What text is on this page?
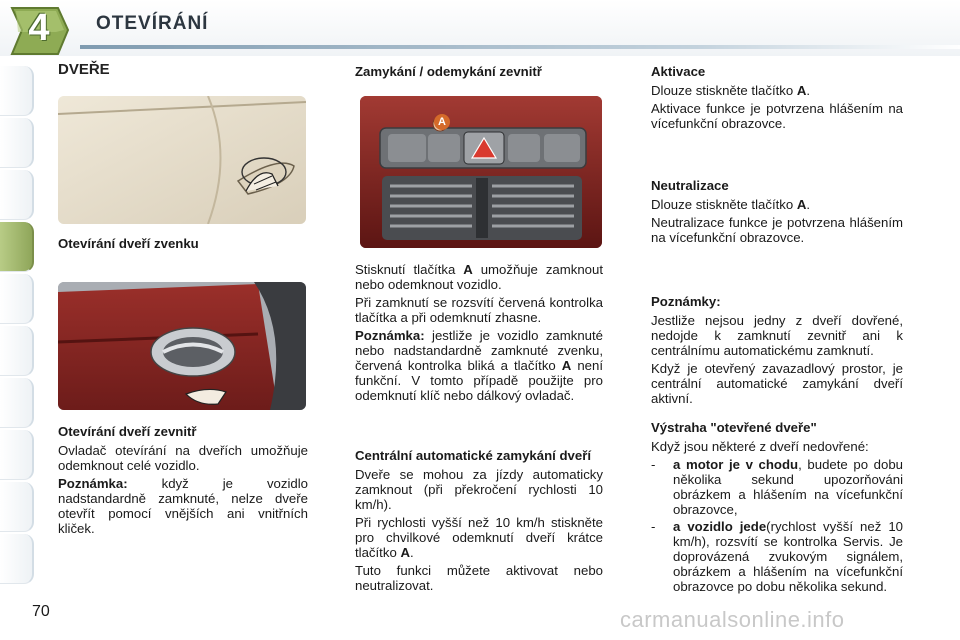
4	OTEVÍRÁNÍ
DVEŘE
Otevírání dveří zvenku
Otevírání dveří zevnitř
Ovladač otevírání na dveřích umožňuje odemknout celé vozidlo.
Poznámka: když je vozidlo nadstandardně zamknuté, nelze dveře otevřít pomocí vnějších ani vnitřních kliček.
Zamykání / odemykání zevnitř
A
Stisknutí tlačítka A umožňuje zamknout nebo odemknout vozidlo.
Při zamknutí se rozsvítí červená kontrolka tlačítka a při odemknutí zhasne.
Poznámka: jestliže je vozidlo zamknuté nebo nadstandardně zamknuté zvenku, červená kontrolka bliká a tlačítko A není funkční. V tomto případě použijte pro odemknutí klíč nebo dálkový ovladač.
Centrální automatické zamykání dveří
Dveře se mohou za jízdy automaticky zamknout (při překročení rychlosti 10 km/h).
Při rychlosti vyšší než 10 km/h stiskněte pro chvilkové odemknutí dveří krátce tlačítko A.
Tuto funkci můžete aktivovat nebo neutralizovat.
Aktivace
Dlouze stiskněte tlačítko A.
Aktivace funkce je potvrzena hlášením na vícefunkční obrazovce.
Neutralizace
Dlouze stiskněte tlačítko A.
Neutralizace funkce je potvrzena hlášením na vícefunkční obrazovce.
Poznámky:
Jestliže nejsou jedny z dveří dovřené, nedojde k zamknutí zevnitř ani k centrálnímu automatickému zamknutí.
Když je otevřený zavazadlový prostor, je centrální automatické zamykání dveří aktivní.
Výstraha "otevřené dveře"
Když jsou některé z dveří nedovřené:
-	a motor je v chodu, budete po dobu několika sekund upozorňováni obrázkem a hlášením na vícefunkční obrazovce,
-	a vozidlo jede(rychlost vyšší než 10 km/h), rozsvítí se kontrolka Servis. Je doprovázená zvukovým signálem, obrázkem a hlášením na vícefunkční obrazovce po dobu několika sekund.
70	carmanualsonline.info
